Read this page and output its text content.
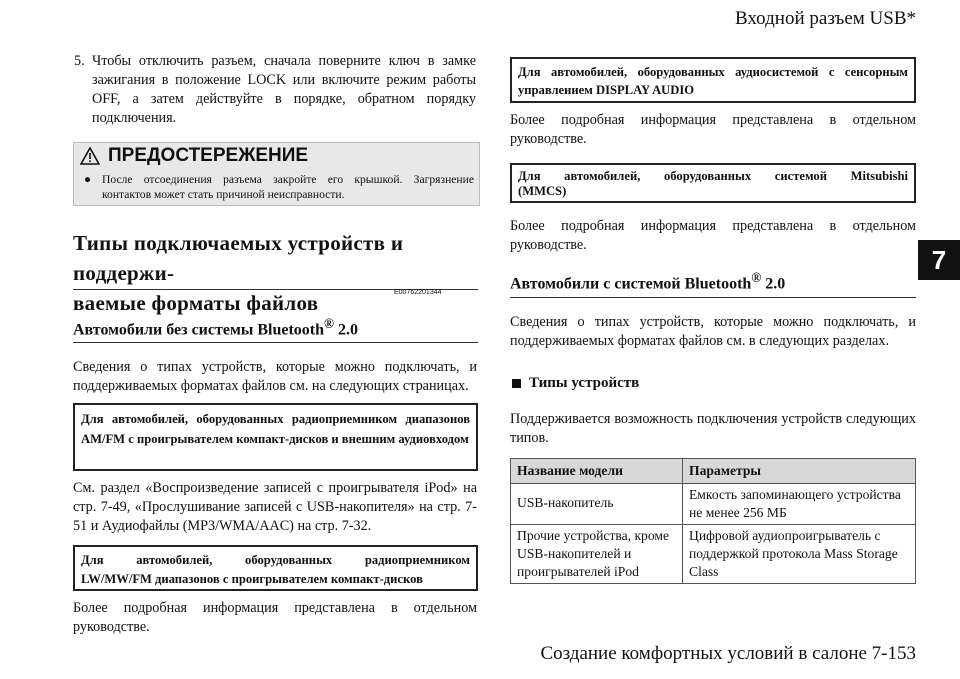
Входной разъем USB*
7
5. Чтобы отключить разъем, сначала поверните ключ в замке зажигания в положение LOCK или включите режим работы OFF, а затем действуйте в порядке, обратном порядку подключения.
ПРЕДОСТЕРЕЖЕНИЕ
● После отсоединения разъема закройте его крышкой. Загрязнение контактов может стать причиной неисправности.
Типы подключаемых устройств и поддержи-
ваемые форматы файлов	E00762201344
Автомобили без системы Bluetooth® 2.0
Сведения о типах устройств, которые можно подключать, и поддерживаемых форматах файлов см. на следующих страницах.
Для автомобилей, оборудованных радиоприемником диапазонов AM/FM с проигрывателем компакт-дисков и внешним аудиовходом
См. раздел «Воспроизведение записей с проигрывателя iPod» на стр. 7-49, «Прослушивание записей с USB-накопителя» на стр. 7-51 и Аудиофайлы (MP3/WMA/AAC) на стр. 7-32.
Для автомобилей, оборудованных радиоприемником
LW/MW/FM диапазонов с проигрывателем компакт-дисков
Более подробная информация представлена в отдельном руководстве.
Для автомобилей, оборудованных аудиосистемой с сенсорным управлением DISPLAY AUDIO
Более подробная информация представлена в отдельном руководстве.
Для автомобилей, оборудованных системой Mitsubishi
(MMCS)
Более подробная информация представлена в отдельном руководстве.
Автомобили с системой Bluetooth® 2.0
Сведения о типах устройств, которые можно подключать, и поддерживаемых форматах файлов см. в следующих разделах.
Типы устройств
Поддерживается возможность подключения устройств следующих типов.
Название модели	Параметры
USB-накопитель	Емкость запоминающего устройства не менее 256 МБ
Прочие устройства, кроме USB-накопителей и проигрывателей iPod	Цифровой аудиопроигрыватель с поддержкой протокола Mass Storage Class
Создание комфортных условий в салоне 7-153
